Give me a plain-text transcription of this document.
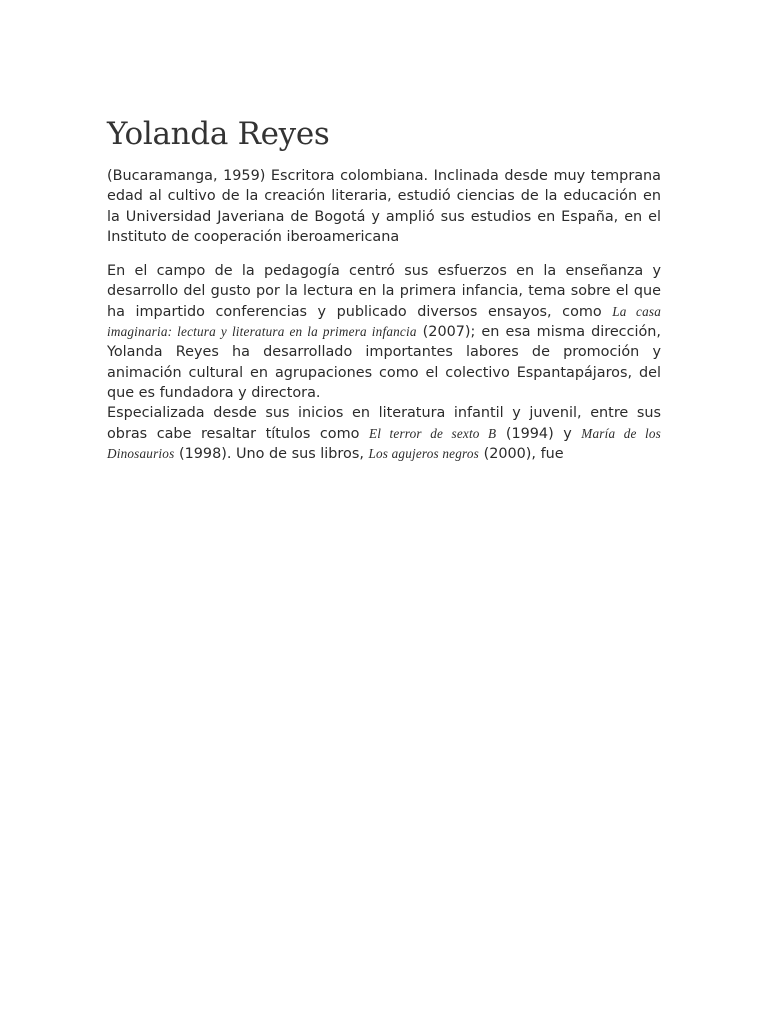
Yolanda Reyes

(Bucaramanga, 1959) Escritora colombiana. Inclinada desde muy temprana edad al cultivo de la creación literaria, estudió ciencias de la educación en la Universidad Javeriana de Bogotá y amplió sus estudios en España, en el Instituto de cooperación iberoamericana

En el campo de la pedagogía centró sus esfuerzos en la enseñanza y desarrollo del gusto por la lectura en la primera infancia, tema sobre el que ha impartido conferencias y publicado diversos ensayos, como La casa imaginaria: lectura y literatura en la primera infancia (2007); en esa misma dirección, Yolanda Reyes ha desarrollado importantes labores de promoción y animación cultural en agrupaciones como el colectivo Espantapájaros, del que es fundadora y directora.

Especializada desde sus inicios en literatura infantil y juvenil, entre sus obras cabe resaltar títulos como El terror de sexto B (1994) y María de los Dinosaurios (1998). Uno de sus libros, Los agujeros negros (2000), fue
